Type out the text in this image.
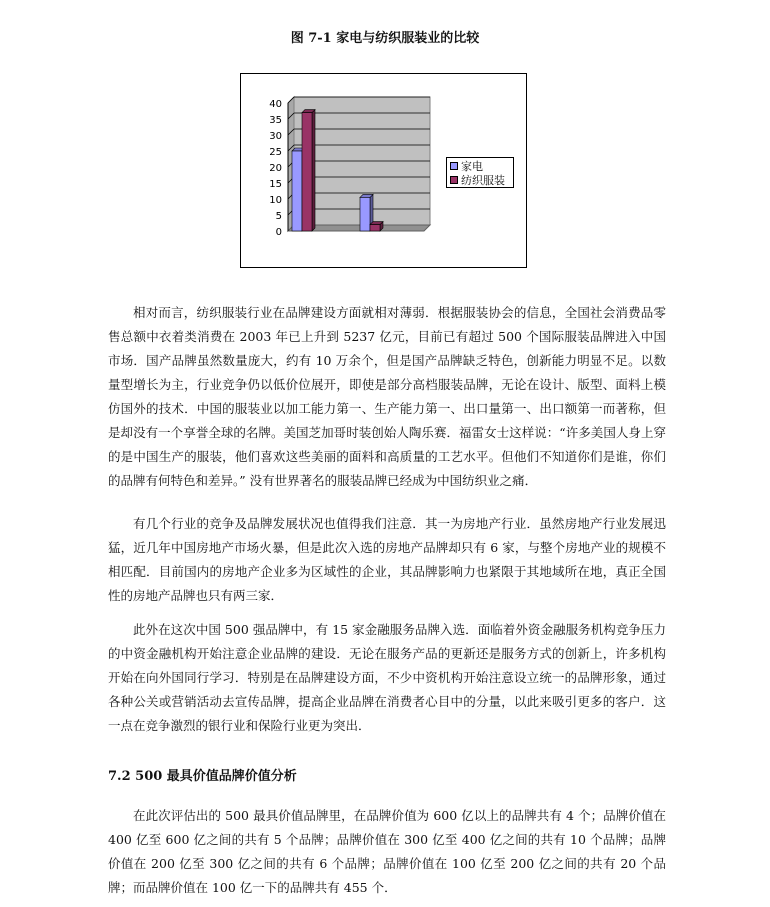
图 7-1 家电与纺织服装业的比较
0
5
10
15
20
25
30
35
40
家电
纺织服装

相对而言，纺织服装行业在品牌建设方面就相对薄弱．根据服装协会的信息，全国社会消费品零售总额中衣着类消费在 2003 年已上升到 5237 亿元，目前已有超过 500 个国际服装品牌进入中国市场．国产品牌虽然数量庞大，约有 10 万余个，但是国产品牌缺乏特色，创新能力明显不足。以数量型增长为主，行业竞争仍以低价位展开，即使是部分高档服装品牌，无论在设计、版型、面料上模仿国外的技术．中国的服装业以加工能力第一、生产能力第一、出口量第一、出口额第一而著称，但是却没有一个享誉全球的名牌。美国芝加哥时装创始人陶乐赛．福雷女士这样说：“许多美国人身上穿的是中国生产的服装，他们喜欢这些美丽的面料和高质量的工艺水平。但他们不知道你们是谁，你们的品牌有何特色和差异。” 没有世界著名的服装品牌已经成为中国纺织业之痛．

有几个行业的竞争及品牌发展状况也值得我们注意．其一为房地产行业．虽然房地产行业发展迅猛，近几年中国房地产市场火暴，但是此次入选的房地产品牌却只有 6 家，与整个房地产业的规模不相匹配．目前国内的房地产企业多为区域性的企业，其品牌影响力也紧限于其地域所在地，真正全国性的房地产品牌也只有两三家．

此外在这次中国 500 强品牌中，有 15 家金融服务品牌入选．面临着外资金融服务机构竞争压力的中资金融机构开始注意企业品牌的建设．无论在服务产品的更新还是服务方式的创新上，许多机构开始在向外国同行学习．特别是在品牌建设方面，不少中资机构开始注意设立统一的品牌形象，通过各种公关或营销活动去宣传品牌，提高企业品牌在消费者心目中的分量，以此来吸引更多的客户．这一点在竞争激烈的银行业和保险行业更为突出．

7.2 500 最具价值品牌价值分析

在此次评估出的 500 最具价值品牌里，在品牌价值为 600 亿以上的品牌共有 4 个；品牌价值在 400 亿至 600 亿之间的共有 5 个品牌；品牌价值在 300 亿至 400 亿之间的共有 10 个品牌；品牌价值在 200 亿至 300 亿之间的共有 6 个品牌；品牌价值在 100 亿至 200 亿之间的共有 20 个品牌；而品牌价值在 100 亿一下的品牌共有 455 个．
